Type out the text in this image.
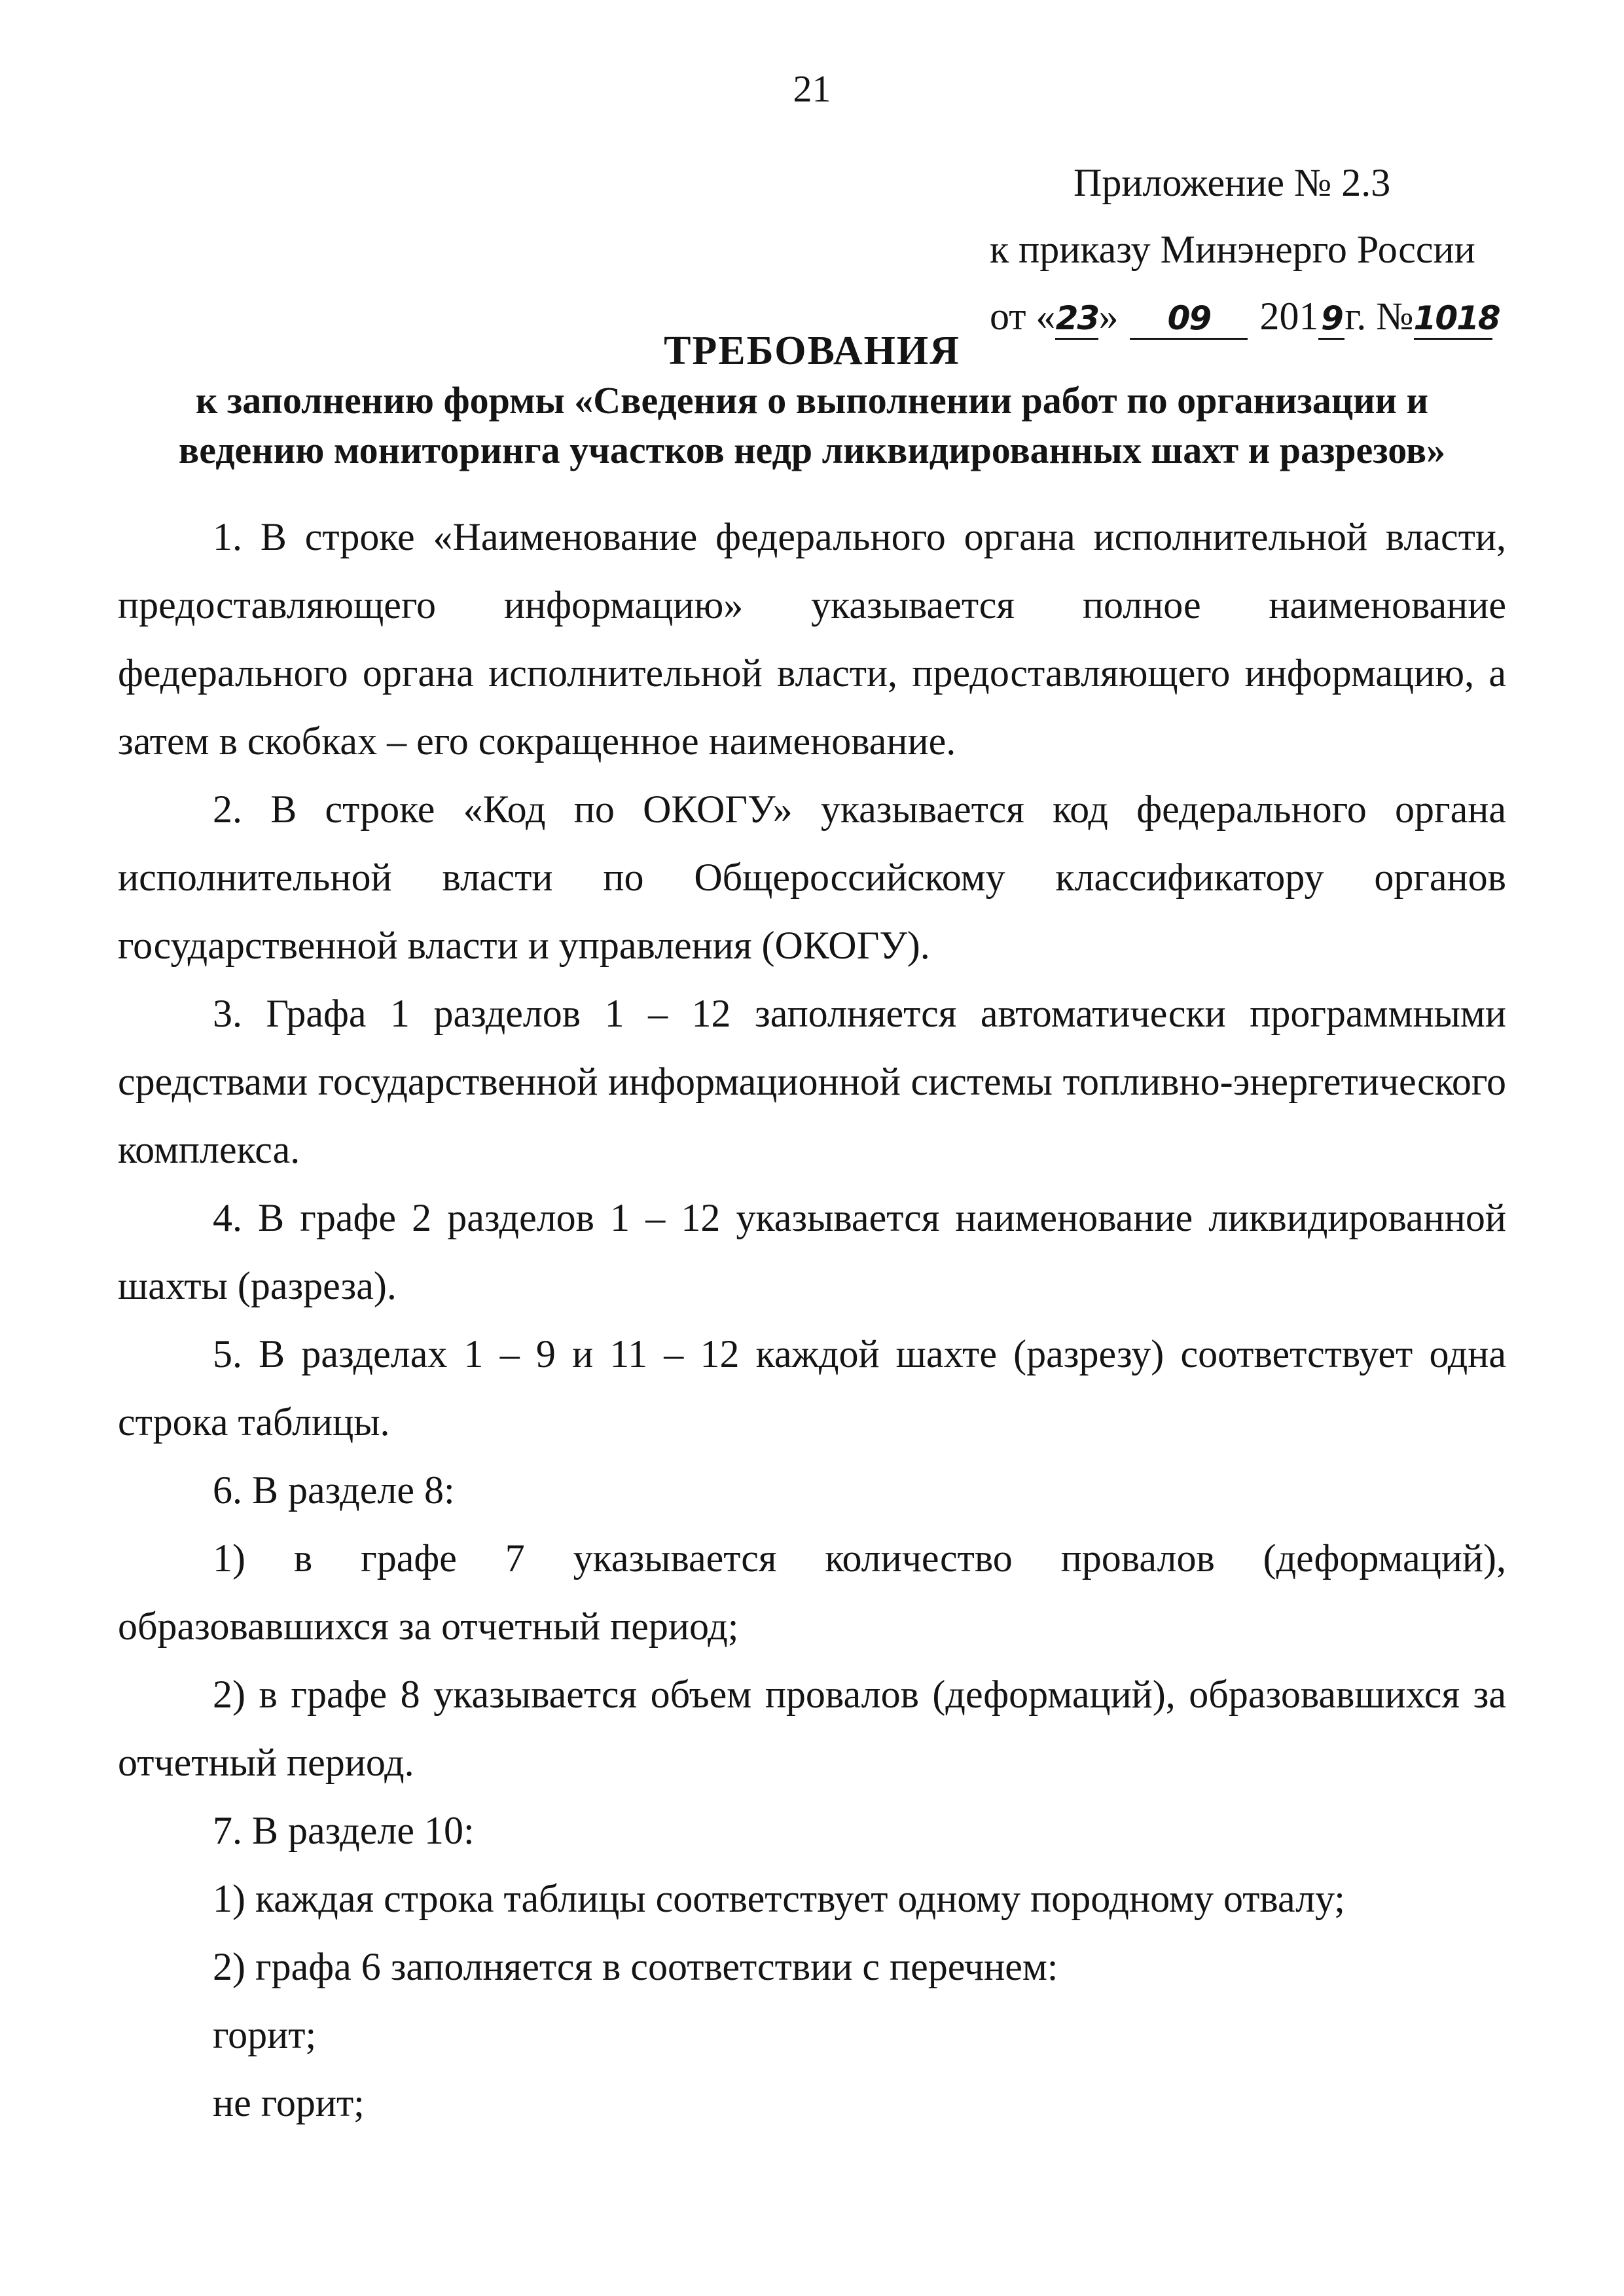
21
Приложение № 2.3
к приказу Минэнерго России
от «23» 09 2019г. №1018
ТРЕБОВАНИЯ
к заполнению формы «Сведения о выполнении работ по организации и
ведению мониторинга участков недр ликвидированных шахт и разрезов»

1. В строке «Наименование федерального органа исполнительной власти, предоставляющего информацию» указывается полное наименование федерального органа исполнительной власти, предоставляющего информацию, а затем в скобках – его сокращенное наименование.

2. В строке «Код по ОКОГУ» указывается код федерального органа исполнительной власти по Общероссийскому классификатору органов государственной власти и управления (ОКОГУ).

3. Графа 1 разделов 1 – 12 заполняется автоматически программными средствами государственной информационной системы топливно-энергетического комплекса.

4. В графе 2 разделов 1 – 12 указывается наименование ликвидированной шахты (разреза).

5. В разделах 1 – 9 и 11 – 12 каждой шахте (разрезу) соответствует одна строка таблицы.

6. В разделе 8:

1) в графе 7 указывается количество провалов (деформаций), образовавшихся за отчетный период;

2) в графе 8 указывается объем провалов (деформаций), образовавшихся за отчетный период.

7. В разделе 10:

1) каждая строка таблицы соответствует одному породному отвалу;

2) графа 6 заполняется в соответствии с перечнем:

горит;

не горит;
